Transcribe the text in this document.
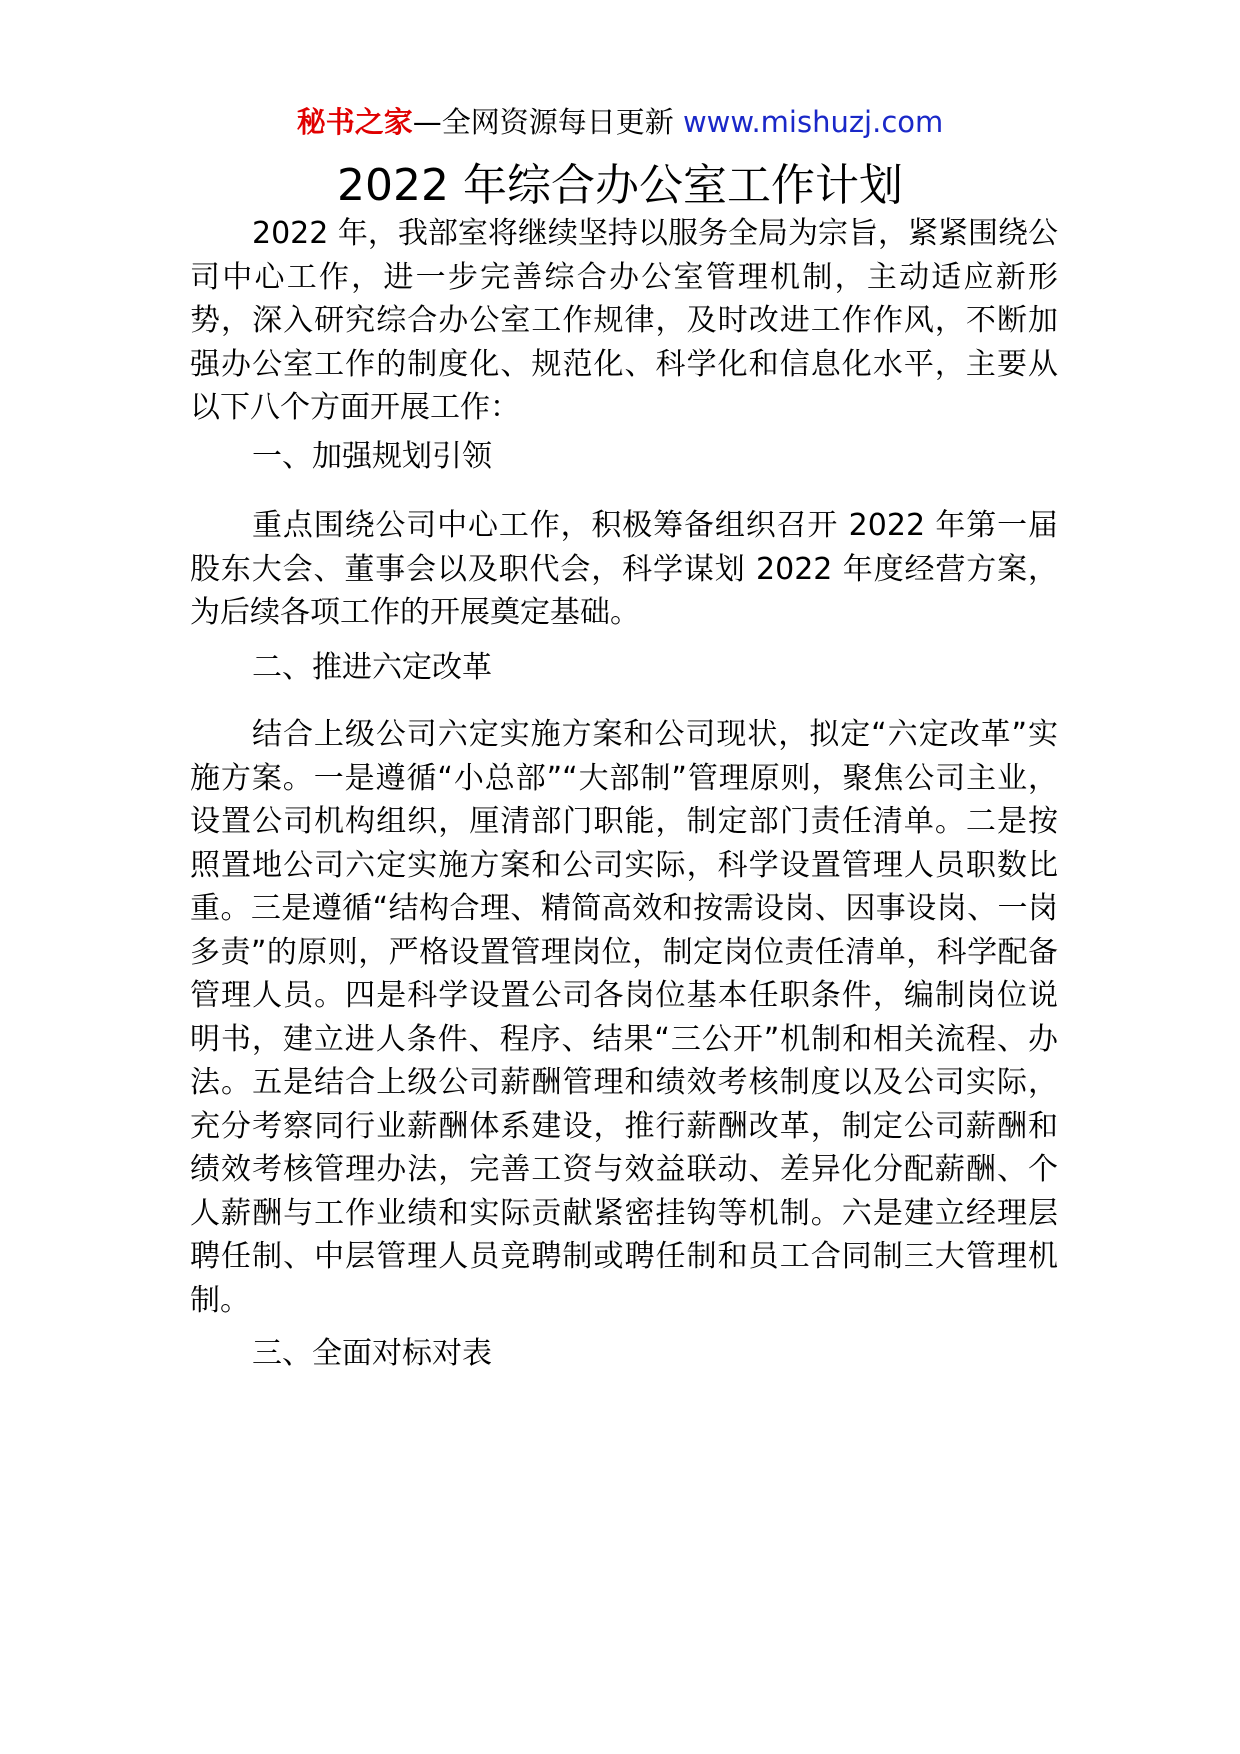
秘书之家—全网资源每日更新 www.mishuzj.com
2022 年综合办公室工作计划

2022 年，我部室将继续坚持以服务全局为宗旨，紧紧围绕公司中心工作，进一步完善综合办公室管理机制，主动适应新形势，深入研究综合办公室工作规律，及时改进工作作风，不断加强办公室工作的制度化、规范化、科学化和信息化水平，主要从以下八个方面开展工作：

一、加强规划引领

重点围绕公司中心工作，积极筹备组织召开 2022 年第一届股东大会、董事会以及职代会，科学谋划 2022 年度经营方案，为后续各项工作的开展奠定基础。

二、推进六定改革

结合上级公司六定实施方案和公司现状，拟定“六定改革”实施方案。一是遵循“小总部”“大部制”管理原则，聚焦公司主业，设置公司机构组织，厘清部门职能，制定部门责任清单。二是按照置地公司六定实施方案和公司实际，科学设置管理人员职数比重。三是遵循“结构合理、精简高效和按需设岗、因事设岗、一岗多责”的原则，严格设置管理岗位，制定岗位责任清单，科学配备管理人员。四是科学设置公司各岗位基本任职条件，编制岗位说明书，建立进人条件、程序、结果“三公开”机制和相关流程、办法。五是结合上级公司薪酬管理和绩效考核制度以及公司实际，充分考察同行业薪酬体系建设，推行薪酬改革，制定公司薪酬和绩效考核管理办法，完善工资与效益联动、差异化分配薪酬、个人薪酬与工作业绩和实际贡献紧密挂钩等机制。六是建立经理层聘任制、中层管理人员竞聘制或聘任制和员工合同制三大管理机制。

三、全面对标对表
